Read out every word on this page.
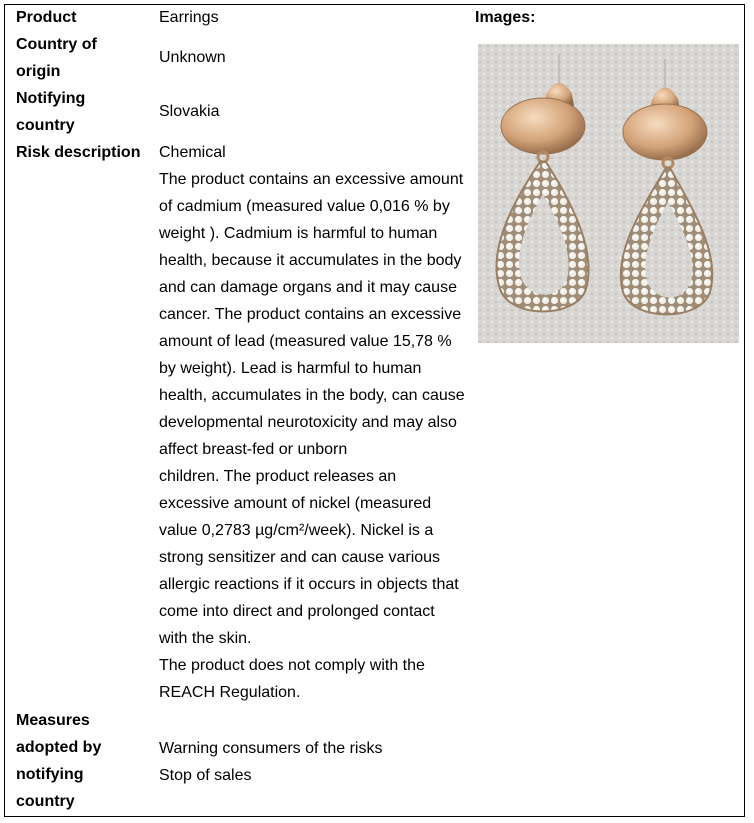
Product	Earrings
Country of
origin
Unknown
Notifying
country
Slovakia
Risk description	Chemical
The product contains an excessive amount
of cadmium (measured value 0,016 % by
weight ). Cadmium is harmful to human
health, because it accumulates in the body
and can damage organs and it may cause
cancer. The product contains an excessive
amount of lead (measured value 15,78 %
by weight). Lead is harmful to human
health, accumulates in the body, can cause
developmental neurotoxicity and may also
affect breast-fed or unborn
children. The product releases an
excessive amount of nickel (measured
value 0,2783 µg/cm²/week). Nickel is a
strong sensitizer and can cause various
allergic reactions if it occurs in objects that
come into direct and prolonged contact
with the skin.
The product does not comply with the
REACH Regulation.
Measures
adopted by
notifying
country
Warning consumers of the risks
Stop of sales
Images:
